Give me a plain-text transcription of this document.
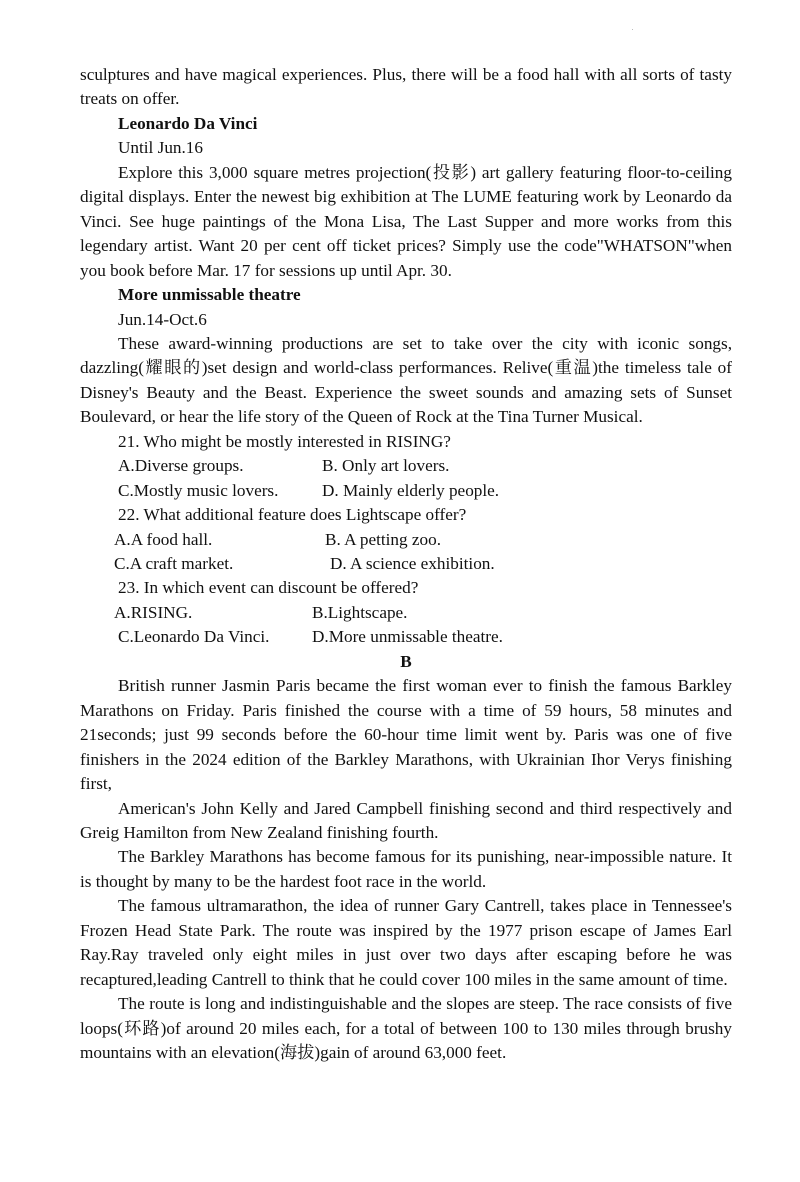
sculptures and have magical experiences. Plus, there will be a food hall with all sorts of tasty treats on offer.

Leonardo Da Vinci

Until Jun.16

Explore this 3,000 square metres projection(投影) art gallery featuring floor-to-ceiling digital displays. Enter the newest big exhibition at The LUME featuring work by Leonardo da Vinci. See huge paintings of the Mona Lisa, The Last Supper and more works from this legendary artist. Want 20 per cent off ticket prices? Simply use the code"WHATSON"when you book before Mar. 17 for sessions up until Apr. 30.

More unmissable theatre

Jun.14-Oct.6

These award-winning productions are set to take over the city with iconic songs, dazzling(耀眼的)set design and world-class performances. Relive(重温)the timeless tale of Disney's Beauty and the Beast. Experience the sweet sounds and amazing sets of Sunset Boulevard, or hear the life story of the Queen of Rock at the Tina Turner Musical.

21. Who might be mostly interested in RISING?

A.Diverse groups.	B. Only art lovers.
C.Mostly music lovers.	D. Mainly elderly people.

22. What additional feature does Lightscape offer?

A.A food hall.	B. A petting zoo.
C.A craft market.	D. A science exhibition.

23. In which event can discount be offered?

A.RISING.	B.Lightscape.
C.Leonardo Da Vinci. D.More unmissable theatre.

B

British runner Jasmin Paris became the first woman ever to finish the famous Barkley Marathons on Friday. Paris finished the course with a time of 59 hours, 58 minutes and 21seconds; just 99 seconds before the 60-hour time limit went by. Paris was one of five finishers in the 2024 edition of the Barkley Marathons, with Ukrainian Ihor Verys finishing first,

American's John Kelly and Jared Campbell finishing second and third respectively and Greig Hamilton from New Zealand finishing fourth.

The Barkley Marathons has become famous for its punishing, near-impossible nature. It is thought by many to be the hardest foot race in the world.

The famous ultramarathon, the idea of runner Gary Cantrell, takes place in Tennessee's Frozen Head State Park. The route was inspired by the 1977 prison escape of James Earl Ray.Ray traveled only eight miles in just over two days after escaping before he was recaptured,leading Cantrell to think that he could cover 100 miles in the same amount of time.

The route is long and indistinguishable and the slopes are steep. The race consists of five loops(环路)of around 20 miles each, for a total of between 100 to 130 miles through brushy mountains with an elevation(海拔)gain of around 63,000 feet.
